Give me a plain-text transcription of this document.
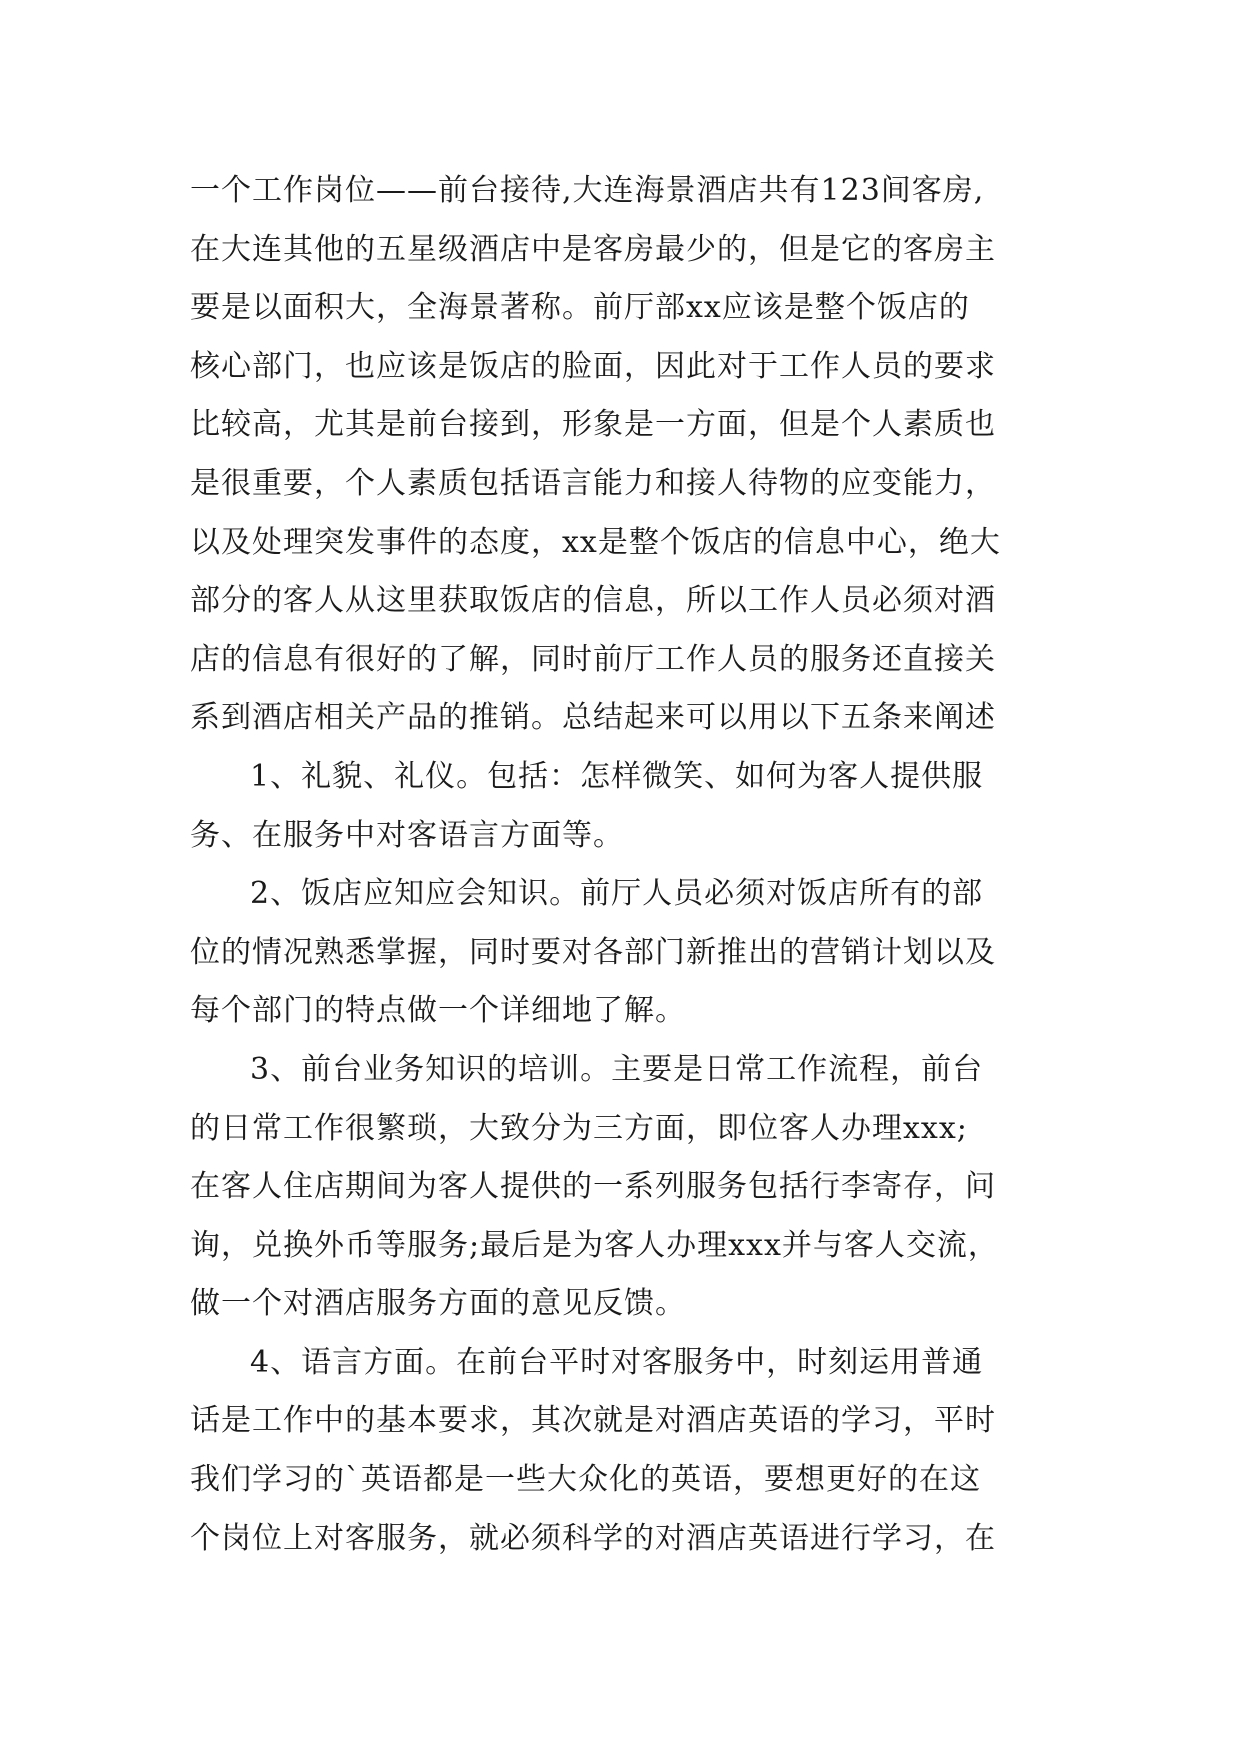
一个工作岗位——前台接待,大连海景酒店共有123间客房,
在大连其他的五星级酒店中是客房最少的，但是它的客房主
要是以面积大，全海景著称。前厅部xx应该是整个饭店的
核心部门，也应该是饭店的脸面，因此对于工作人员的要求
比较高，尤其是前台接到，形象是一方面，但是个人素质也
是很重要，个人素质包括语言能力和接人待物的应变能力，
以及处理突发事件的态度，xx是整个饭店的信息中心，绝大
部分的客人从这里获取饭店的信息，所以工作人员必须对酒
店的信息有很好的了解，同时前厅工作人员的服务还直接关
系到酒店相关产品的推销。总结起来可以用以下五条来阐述
1、礼貌、礼仪。包括：怎样微笑、如何为客人提供服
务、在服务中对客语言方面等。
2、饭店应知应会知识。前厅人员必须对饭店所有的部
位的情况熟悉掌握，同时要对各部门新推出的营销计划以及
每个部门的特点做一个详细地了解。
3、前台业务知识的培训。主要是日常工作流程，前台
的日常工作很繁琐，大致分为三方面，即位客人办理xxx;
在客人住店期间为客人提供的一系列服务包括行李寄存，问
询，兑换外币等服务;最后是为客人办理xxx并与客人交流，
做一个对酒店服务方面的意见反馈。
4、语言方面。在前台平时对客服务中，时刻运用普通
话是工作中的基本要求，其次就是对酒店英语的学习，平时
我们学习的`英语都是一些大众化的英语，要想更好的在这
个岗位上对客服务，就必须科学的对酒店英语进行学习，在
